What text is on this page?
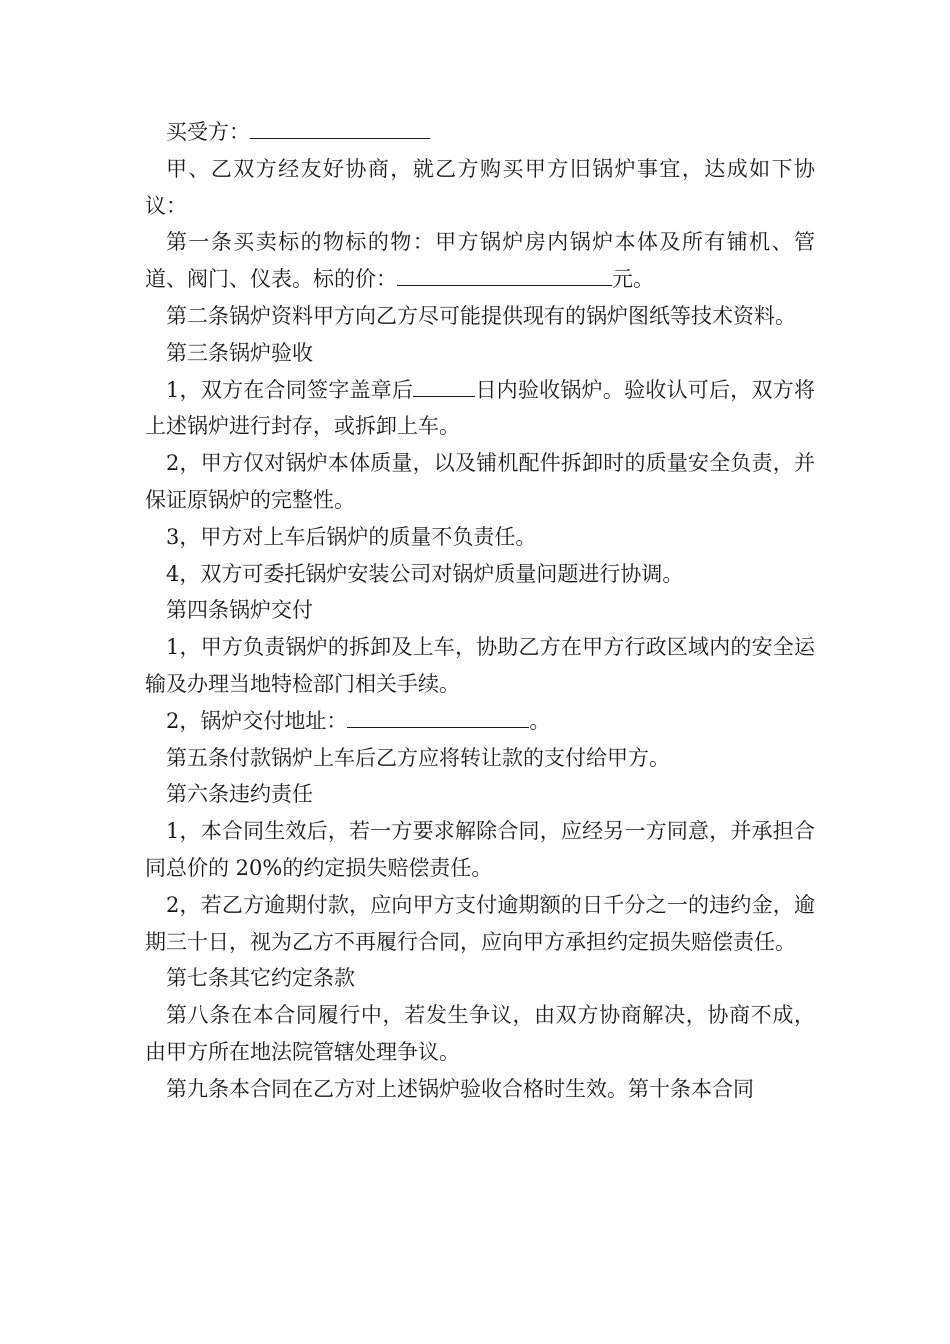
买受方：

甲、乙双方经友好协商，就乙方购买甲方旧锅炉事宜，达成如下协议：

第一条买卖标的物标的物：甲方锅炉房内锅炉本体及所有铺机、管道、阀门、仪表。标的价：	元。

第二条锅炉资料甲方向乙方尽可能提供现有的锅炉图纸等技术资料。

第三条锅炉验收

1，双方在合同签字盖章后	日内验收锅炉。验收认可后，双方将上述锅炉进行封存，或拆卸上车。

2，甲方仅对锅炉本体质量，以及铺机配件拆卸时的质量安全负责，并保证原锅炉的完整性。

3，甲方对上车后锅炉的质量不负责任。

4，双方可委托锅炉安装公司对锅炉质量问题进行协调。

第四条锅炉交付

1，甲方负责锅炉的拆卸及上车，协助乙方在甲方行政区域内的安全运输及办理当地特检部门相关手续。

2，锅炉交付地址：	。

第五条付款锅炉上车后乙方应将转让款的支付给甲方。

第六条违约责任

1，本合同生效后，若一方要求解除合同，应经另一方同意，并承担合同总价的 20%的约定损失赔偿责任。

2，若乙方逾期付款，应向甲方支付逾期额的日千分之一的违约金，逾期三十日，视为乙方不再履行合同，应向甲方承担约定损失赔偿责任。

第七条其它约定条款

第八条在本合同履行中，若发生争议，由双方协商解决，协商不成，由甲方所在地法院管辖处理争议。

第九条本合同在乙方对上述锅炉验收合格时生效。第十条本合同
